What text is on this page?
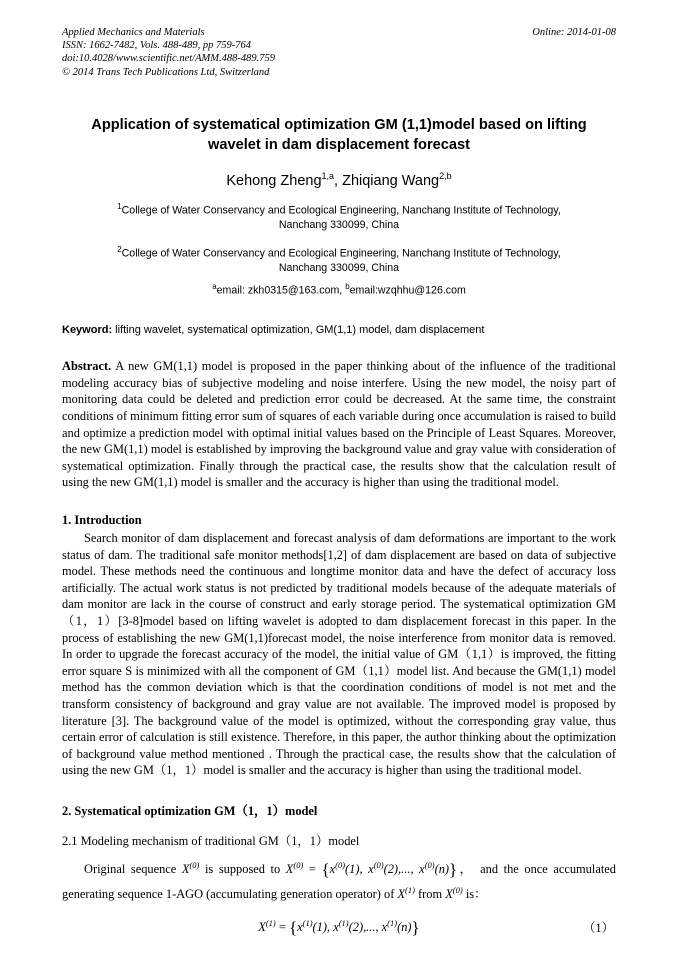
Applied Mechanics and Materials
ISSN: 1662-7482, Vols. 488-489, pp 759-764
doi:10.4028/www.scientific.net/AMM.488-489.759
© 2014 Trans Tech Publications Ltd, Switzerland
Online: 2014-01-08
Application of systematical optimization GM (1,1)model based on lifting wavelet in dam displacement forecast
Kehong Zheng$^{1,a}$, Zhiqiang Wang$^{2,b}$
$^1$College of Water Conservancy and Ecological Engineering, Nanchang Institute of Technology,
Nanchang 330099, China
$^2$College of Water Conservancy and Ecological Engineering, Nanchang Institute of Technology,
Nanchang 330099, China
$^a$email: zkh0315@163.com, $^b$email:wzqhhu@126.com
Keyword: lifting wavelet, systematical optimization, GM(1,1) model, dam displacement
Abstract. A new GM(1,1) model is proposed in the paper thinking about of the influence of the traditional modeling accuracy bias of subjective modeling and noise interfere. Using the new model, the noisy part of monitoring data could be deleted and prediction error could be decreased. At the same time, the constraint conditions of minimum fitting error sum of squares of each variable during once accumulation is raised to build and optimize a prediction model with optimal initial values based on the Principle of Least Squares. Moreover, the new GM(1,1) model is established by improving the background value and gray value with consideration of systematical optimization. Finally through the practical case, the results show that the calculation result of using the new GM(1,1) model is smaller and the accuracy is higher than using the traditional model.
1. Introduction
Search monitor of dam displacement and forecast analysis of dam deformations are important to the work status of dam. The traditional safe monitor methods[1,2] of dam displacement are based on data of subjective model. These methods need the continuous and longtime monitor data and have the defect of accuracy loss artificially. The actual work status is not predicted by traditional models because of the adequate materials of dam monitor are lack in the course of construct and early storage period. The systematical optimization GM（1，1）[3-8]model based on lifting wavelet is adopted to dam displacement forecast in this paper. In the process of establishing the new GM(1,1)forecast model, the noise interference from monitor data is removed. In order to upgrade the forecast accuracy of the model, the initial value of GM（1,1）is improved, the fitting error square S is minimized with all the component of GM（1,1）model list. And because the GM(1,1) model method has the common deviation which is that the coordination conditions of model is not met and the transform consistency of background and gray value are not available. The improved model is proposed by literature [3]. The background value of the model is optimized, without the corresponding gray value, thus certain error of calculation is still existence. Therefore, in this paper, the author thinking about the optimization of background value method mentioned . Through the practical case, the results show that the calculation of using the new GM（1，1）model is smaller and the accuracy is higher than using the traditional model.
2. Systematical optimization GM（1，1）model
2.1 Modeling mechanism of traditional GM（1，1）model
Original sequence $X^{(0)}$ is supposed to $X^{(0)} = \{x^{(0)}(1)$, $x^{(0)}(2)$,..., $x^{(0)}(n)$}， and the once accumulated generating sequence 1-AGO (accumulating generation operator) of $X^{(1)}$ from $X^{(0)}$ is：
$X^{(1)} = \{x^{(1)}(1)$, $x^{(1)}(2)$,..., $x^{(1)}(n)$}	（1）
